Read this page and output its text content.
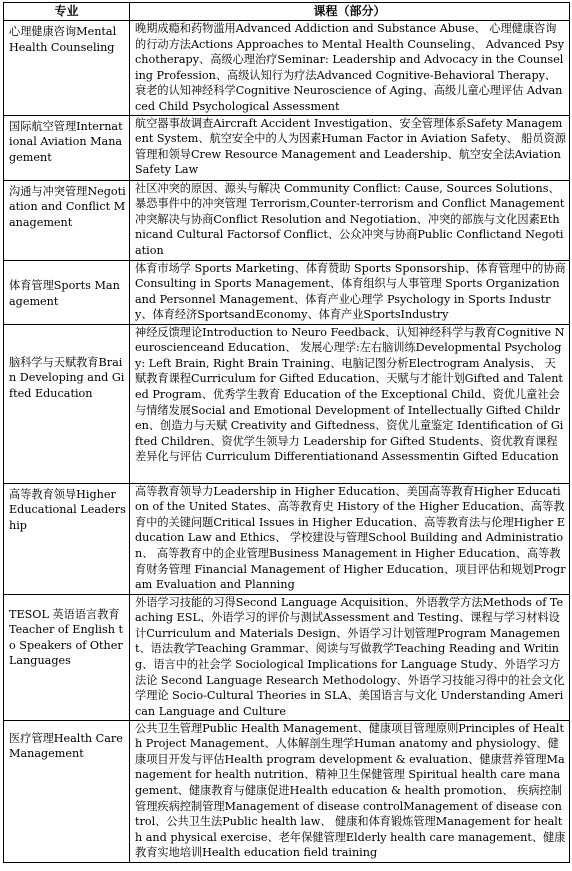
专业	课程（部分）
心理健康咨询Mental Health Counseling	晚期成瘾和药物滥用Advanced Addiction and Substance Abuse、 心理健康咨询的行动方法Actions Approaches to Mental Health Counseling、 Advanced Psychotherapy、高级心理治疗Seminar: Leadership and Advocacy in the Counseling Profession、高级认知行为疗法Advanced Cognitive-Behavioral Therapy、衰老的认知神经科学Cognitive Neuroscience of Aging、高级儿童心理评估 Advanced Child Psychological Assessment
国际航空管理International Aviation Management	航空器事故调查Aircraft Accident Investigation、安全管理体系Safety Management System、航空安全中的人为因素Human Factor in Aviation Safety、 船员资源管理和领导Crew Resource Management and Leadership、航空安全法Aviation Safety Law
沟通与冲突管理Negotiation and Conflict Management	社区冲突的原因、源头与解决 Community Conflict: Cause, Sources Solutions、暴恐事件中的冲突管理 Terrorism,Counter-terrorism and Conflict Management冲突解决与协商Conflict Resolution and Negotiation、冲突的部族与文化因素Ethnicand Cultural Factorsof Conflict、公众冲突与协商Public Conflictand Negotiation
体育管理Sports Management	体育市场学 Sports Marketing、体育赞助 Sports Sponsorship、体育管理中的协商 Consulting in Sports Management、体育组织与人事管理 Sports Organization and Personnel Management、体育产业心理学 Psychology in Sports Industry、体育经济SportsandEconomy、体育产业SportsIndustry
脑科学与天赋教育Brain Developing and Gifted Education	神经反馈理论Introduction to Neuro Feedback、认知神经科学与教育Cognitive Neuroscienceand Education、 发展心理学:左右脑训练Developmental Psychology: Left Brain, Right Brain Training、电脑记图分析Electrogram Analysis、 天赋教育课程Curriculum for Gifted Education、天赋与才能计划Gifted and Talented Program、优秀学生教育 Education of the Exceptional Child、资优儿童社会与情绪发展Social and Emotional Development of Intellectually Gifted Children、创造力与天赋 Creativity and Giftedness、资优儿童鉴定 Identification of Gifted Children、资优学生领导力 Leadership for Gifted Students、资优教育课程差异化与评估 Curriculum Differentiationand Assessmentin Gifted Education
高等教育领导Higher Educational Leadership	高等教育领导力Leadership in Higher Education、美国高等教育Higher Education of the United States、高等教育史 History of the Higher Education、高等教育中的关键问题Critical Issues in Higher Education、高等教育法与伦理Higher Education Law and Ethics、 学校建设与管理School Building and Administration、 高等教育中的企业管理Business Management in Higher Education、高等教育财务管理 Financial Management of Higher Education、项目评估和规划Program Evaluation and Planning
TESOL 英语语言教育 Teacher of English to Speakers of Other Languages	外语学习技能的习得Second Language Acquisition、外语教学方法Methods of Teaching ESL、外语学习的评价与测试Assessment and Testing、课程与学习材料设计Curriculum and Materials Design、外语学习计划管理Program Management、语法教学Teaching Grammar、阅读与写做教学Teaching Reading and Writing、语言中的社会学 Sociological Implications for Language Study、外语学习方法论 Second Language Research Methodology、外语学习技能习得中的社会文化学理论 Socio-Cultural Theories in SLA、美国语言与文化 Understanding American Language and Culture
医疗管理Health Care Management	公共卫生管理Public Health Management、健康项目管理原则Principles of Health Project Management、人体解剖生理学Human anatomy and physiology、健康项目开发与评估Health program development & evaluation、健康营养管理Management for health nutrition、精神卫生保健管理 Spiritual health care management、健康教育与健康促进Health education & health promotion、 疾病控制管理疾病控制管理Management of disease controlManagement of disease control、公共卫生法Public health law、 健康和体育锻炼管理Management for health and physical exercise、老年保健管理Elderly health care management、健康教育实地培训Health education field training
